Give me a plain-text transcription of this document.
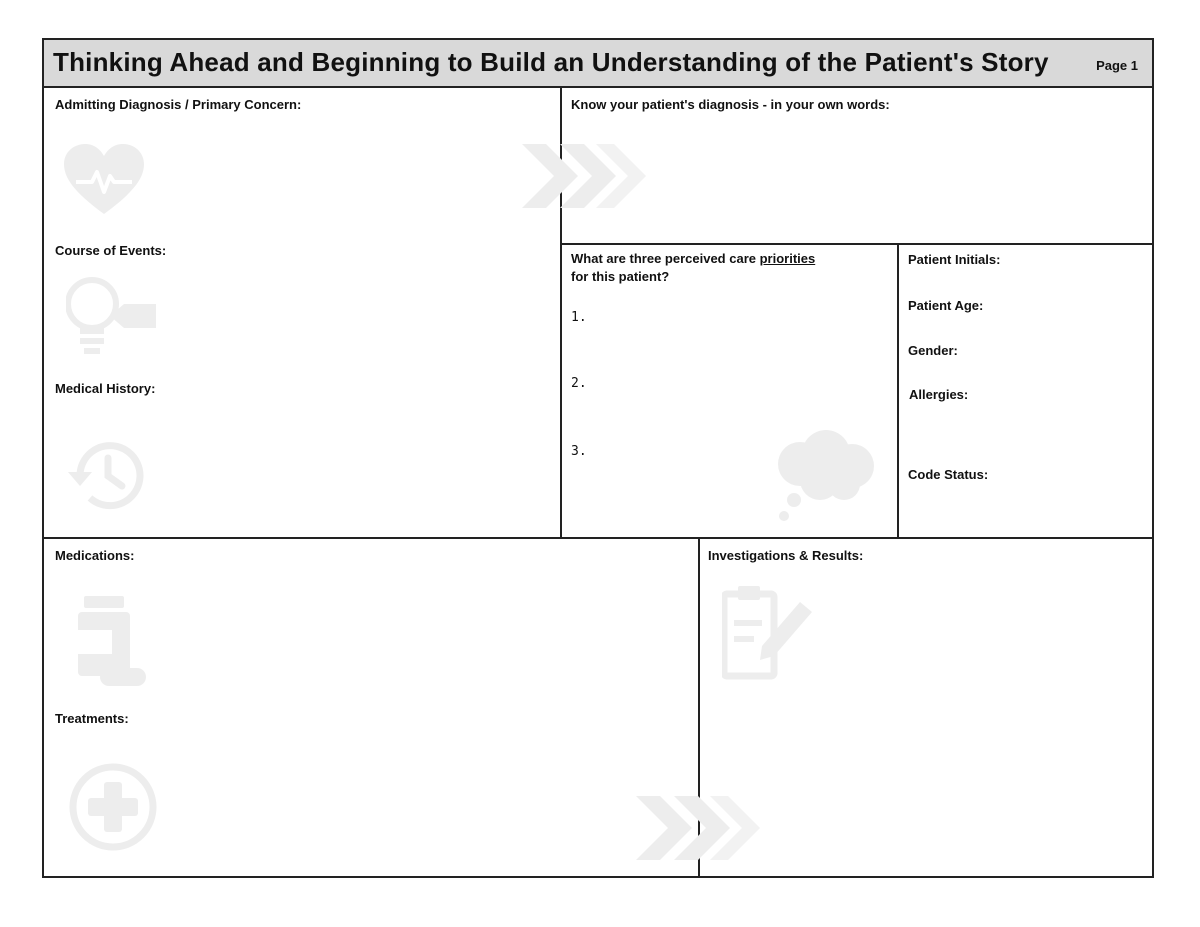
Thinking Ahead and Beginning to Build an Understanding of the Patient's Story	Page 1
Admitting Diagnosis / Primary Concern:	Know your patient's diagnosis - in your own words:
Course of Events:
What are three perceived care priorities
for this patient?
1.
2.
3.
Medical History:
Patient Initials:
Patient Age:
Gender:
Allergies:
Code Status:
Medications:	Investigations & Results:
Treatments:
